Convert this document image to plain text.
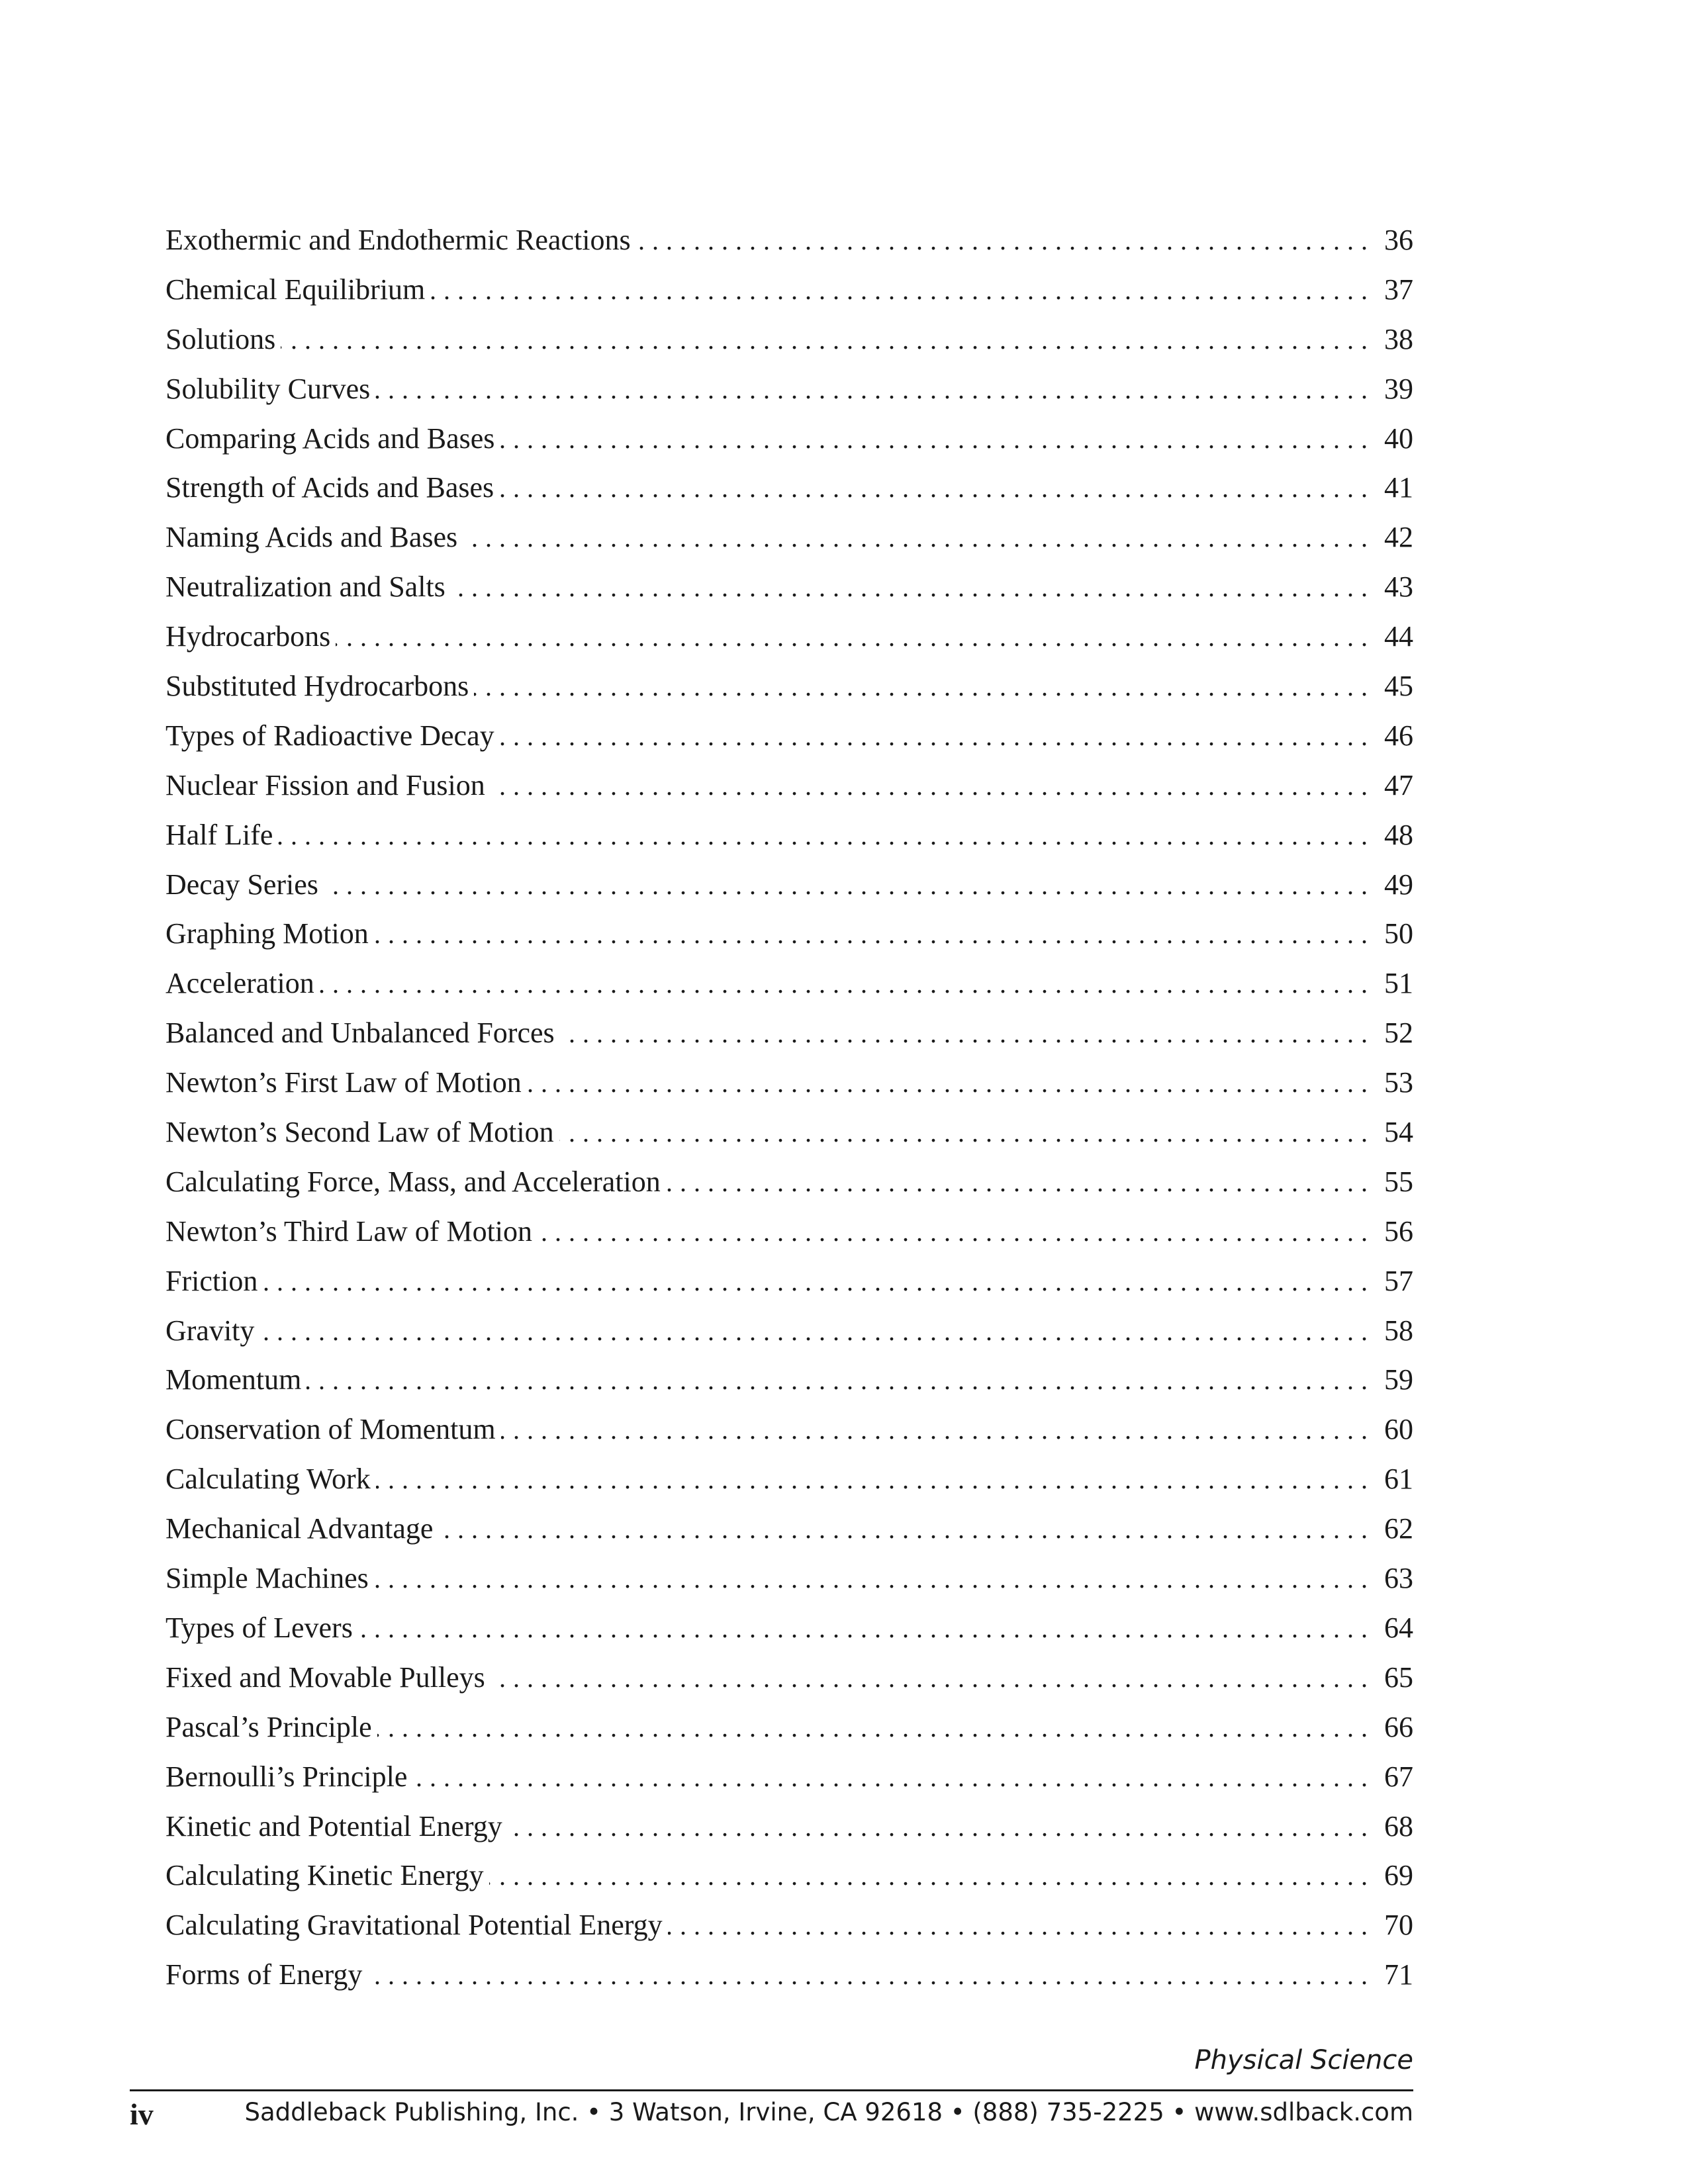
Exothermic and Endothermic Reactions .....	36
Chemical Equilibrium .....	37
Solutions .....	38
Solubility Curves .....	39
Comparing Acids and Bases .....	40
Strength of Acids and Bases .....	41
Naming Acids and Bases .....	42
Neutralization and Salts .....	43
Hydrocarbons .....	44
Substituted Hydrocarbons .....	45
Types of Radioactive Decay .....	46
Nuclear Fission and Fusion .....	47
Half Life .....	48
Decay Series .....	49
Graphing Motion .....	50
Acceleration .....	51
Balanced and Unbalanced Forces .....	52
Newton’s First Law of Motion .....	53
Newton’s Second Law of Motion .....	54
Calculating Force, Mass, and Acceleration .....	55
Newton’s Third Law of Motion .....	56
Friction .....	57
Gravity .....	58
Momentum .....	59
Conservation of Momentum .....	60
Calculating Work .....	61
Mechanical Advantage .....	62
Simple Machines .....	63
Types of Levers .....	64
Fixed and Movable Pulleys .....	65
Pascal’s Principle .....	66
Bernoulli’s Principle .....	67
Kinetic and Potential Energy .....	68
Calculating Kinetic Energy .....	69
Calculating Gravitational Potential Energy .....	70
Forms of Energy .....	71
Physical Science
iv	Saddleback Publishing, Inc. • 3 Watson, Irvine, CA 92618 • (888) 735-2225 • www.sdlback.com
